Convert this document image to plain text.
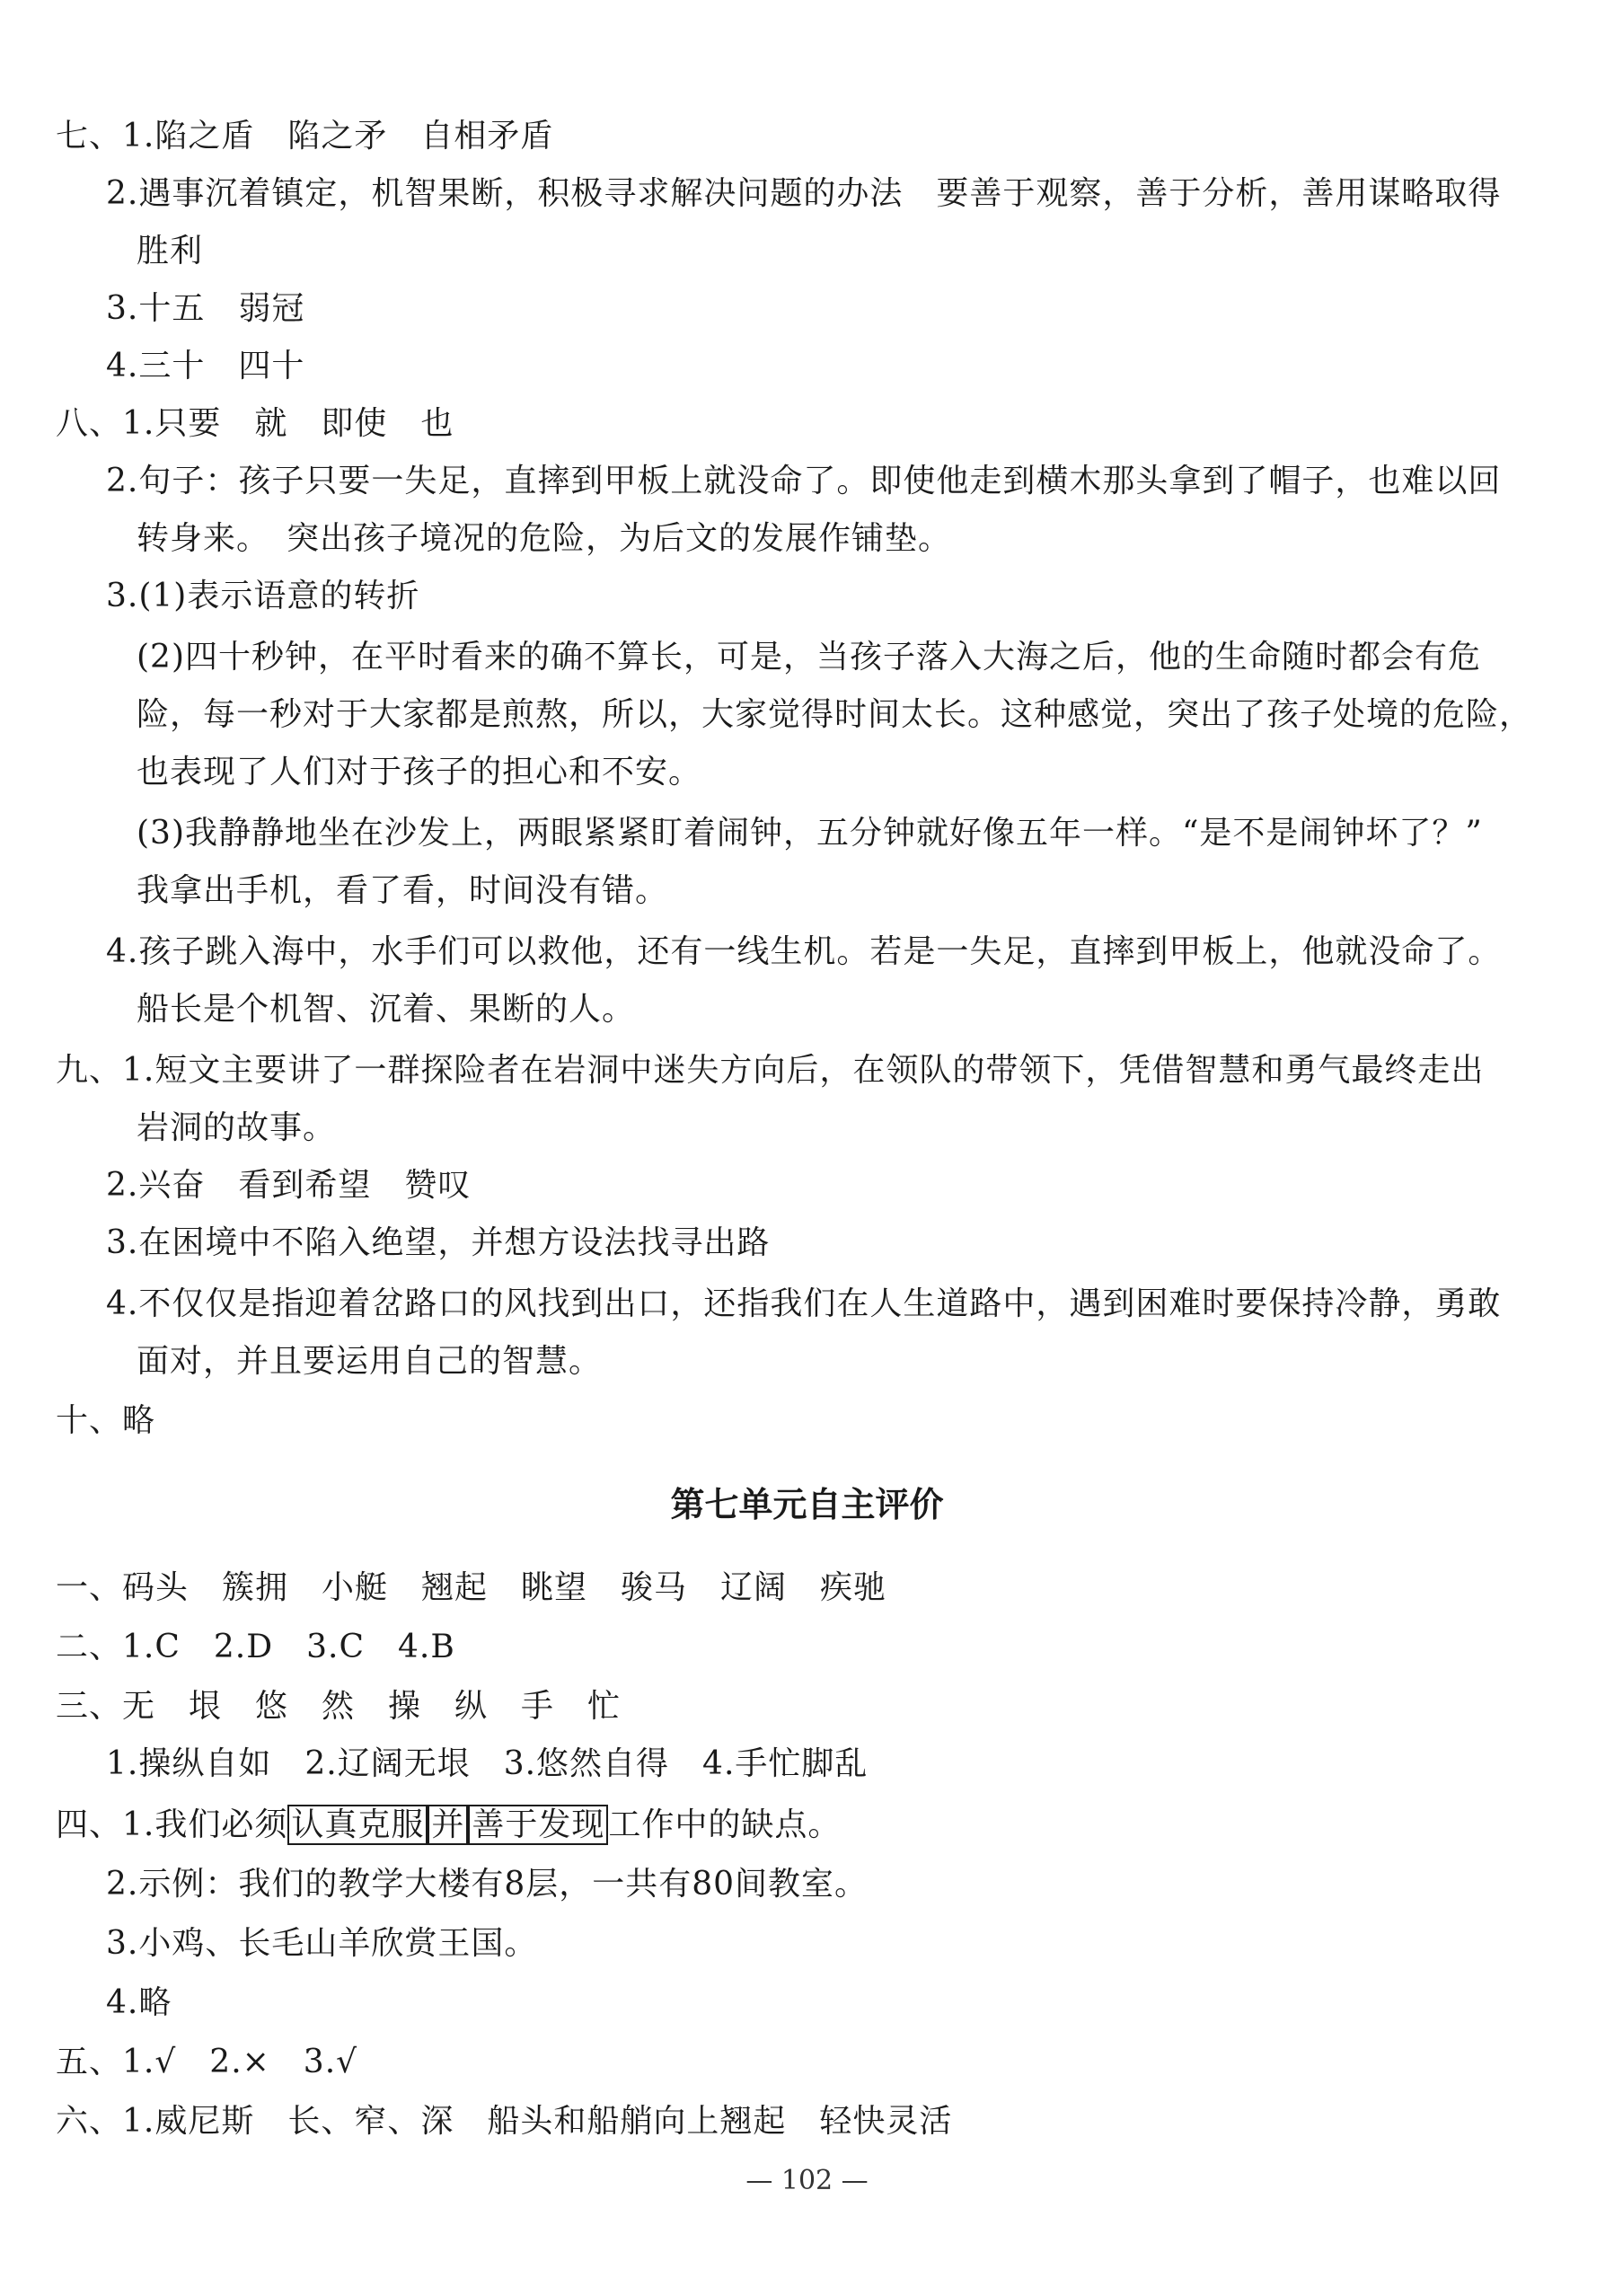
七、1.陷之盾　陷之矛　自相矛盾
2.遇事沉着镇定，机智果断，积极寻求解决问题的办法　要善于观察，善于分析，善用谋略取得
胜利
3.十五　弱冠
4.三十　四十
八、1.只要　就　即使　也
2.句子：孩子只要一失足，直摔到甲板上就没命了。即使他走到横木那头拿到了帽子，也难以回
转身来。　突出孩子境况的危险，为后文的发展作铺垫。
3.(1)表示语意的转折
(2)四十秒钟，在平时看来的确不算长，可是，当孩子落入大海之后，他的生命随时都会有危
险，每一秒对于大家都是煎熬，所以，大家觉得时间太长。这种感觉，突出了孩子处境的危险，
也表现了人们对于孩子的担心和不安。
(3)我静静地坐在沙发上，两眼紧紧盯着闹钟，五分钟就好像五年一样。“是不是闹钟坏了？”
我拿出手机，看了看，时间没有错。
4.孩子跳入海中，水手们可以救他，还有一线生机。若是一失足，直摔到甲板上，他就没命了。
船长是个机智、沉着、果断的人。
九、1.短文主要讲了一群探险者在岩洞中迷失方向后，在领队的带领下，凭借智慧和勇气最终走出
岩洞的故事。
2.兴奋　看到希望　赞叹
3.在困境中不陷入绝望，并想方设法找寻出路
4.不仅仅是指迎着岔路口的风找到出口，还指我们在人生道路中，遇到困难时要保持冷静，勇敢
面对，并且要运用自己的智慧。
十、略
第七单元自主评价
一、码头　簇拥　小艇　翘起　眺望　骏马　辽阔　疾驰
二、1.C　2.D　3.C　4.B
三、无　垠　悠　然　操　纵　手　忙
1.操纵自如　2.辽阔无垠　3.悠然自得　4.手忙脚乱
四、1.我们必须 认真克服 并 善于发现 工作中的缺点。
2.示例：我们的教学大楼有8层，一共有80间教室。
3.小鸡、长毛山羊欣赏王国。
4.略
五、1.√　2.×　3.√
六、1.威尼斯　长、窄、深　船头和船艄向上翘起　轻快灵活
— 102 —
